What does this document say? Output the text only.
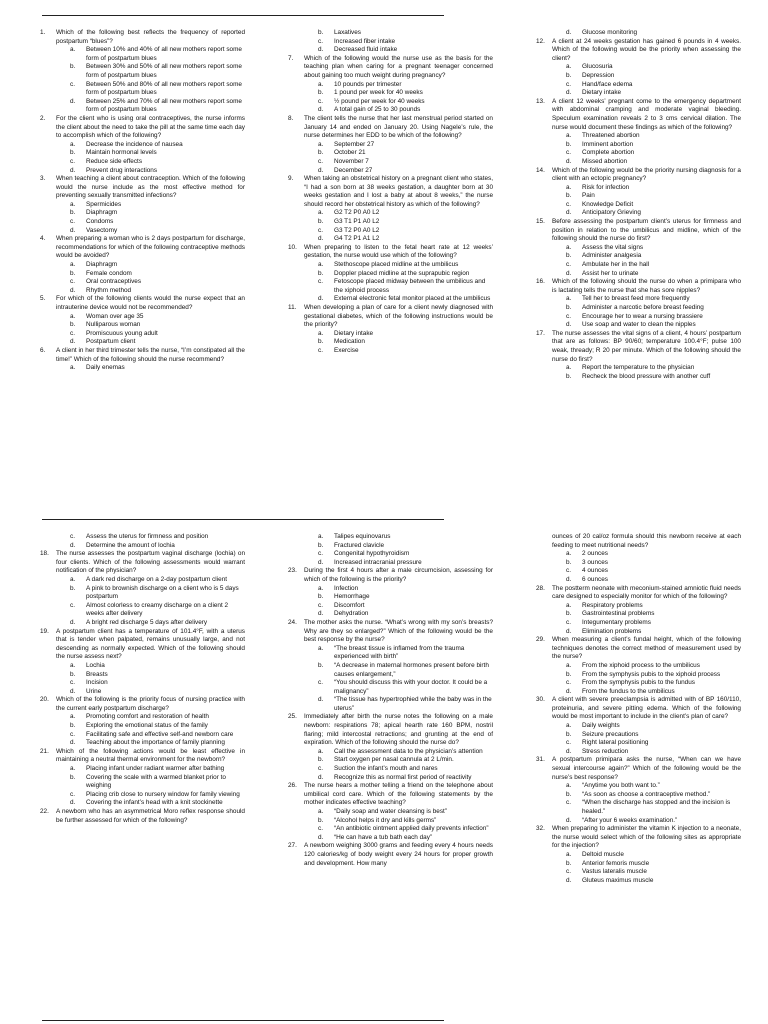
1.	Which of the following best reflects the frequency of reported postpartum “blues”?
a.	Between 10% and 40% of all new mothers report some form of postpartum blues
b.	Between 30% and 50% of all new mothers report some form of postpartum blues
c.	Between 50% and 80% of all new mothers report some form of postpartum blues
d.	Between 25% and 70% of all new mothers report some form of postpartum blues
2.	For the client who is using oral contraceptives, the nurse informs the client about the need to take the pill at the same time each day to accomplish which of the following?
a.	Decrease the incidence of nausea
b.	Maintain hormonal levels
c.	Reduce side effects
d.	Prevent drug interactions
3.	When teaching a client about contraception. Which of the following would the nurse include as the most effective method for preventing sexually transmitted infections?
a.	Spermicides
b.	Diaphragm
c.	Condoms
d.	Vasectomy
4.	When preparing a woman who is 2 days postpartum for discharge, recommendations for which of the following contraceptive methods would be avoided?
a.	Diaphragm
b.	Female condom
c.	Oral contraceptives
d.	Rhythm method
5.	For which of the following clients would the nurse expect that an intrauterine device would not be recommended?
a.	Woman over age 35
b.	Nulliparous woman
c.	Promiscuous young adult
d.	Postpartum client
6.	A client in her third trimester tells the nurse, “I’m constipated all the time!” Which of the following should the nurse recommend?
a.	Daily enemas
b.	Laxatives
c.	Increased fiber intake
d.	Decreased fluid intake
7.	Which of the following would the nurse use as the basis for the teaching plan when caring for a pregnant teenager concerned about gaining too much weight during pregnancy?
a.	10 pounds per trimester
b.	1 pound per week for 40 weeks
c.	½ pound per week for 40 weeks
d.	A total gain of 25 to 30 pounds
8.	The client tells the nurse that her last menstrual period started on January 14 and ended on January 20. Using Nagele’s rule, the nurse determines her EDD to be which of the following?
a.	September 27
b.	October 21
c.	November 7
d.	December 27
9.	When taking an obstetrical history on a pregnant client who states, “I had a son born at 38 weeks gestation, a daughter born at 30 weeks gestation and I lost a baby at about 8 weeks,” the nurse should record her obstetrical history as which of the following?
a.	G2 T2 P0 A0 L2
b.	G3 T1 P1 A0 L2
c.	G3 T2 P0 A0 L2
d.	G4 T2 P1 A1 L2
10.	When preparing to listen to the fetal heart rate at 12 weeks’ gestation, the nurse would use which of the following?
a.	Stethoscope placed midline at the umbilicus
b.	Doppler placed midline at the suprapubic region
c.	Fetoscope placed midway between the umbilicus and the xiphoid process
d.	External electronic fetal monitor placed at the umbilicus
11.	When developing a plan of care for a client newly diagnosed with gestational diabetes, which of the following instructions would be the priority?
a.	Dietary intake
b.	Medication
c.	Exercise
d.	Glucose monitoring
12.	A client at 24 weeks gestation has gained 6 pounds in 4 weeks. Which of the following would be the priority when assessing the client?
a.	Glucosuria
b.	Depression
c.	Hand/face edema
d.	Dietary intake
13.	A client 12 weeks’ pregnant come to the emergency department with abdominal cramping and moderate vaginal bleeding. Speculum examination reveals 2 to 3 cms cervical dilation. The nurse would document these findings as which of the following?
a.	Threatened abortion
b.	Imminent abortion
c.	Complete abortion
d.	Missed abortion
14.	Which of the following would be the priority nursing diagnosis for a client with an ectopic pregnancy?
a.	Risk for infection
b.	Pain
c.	Knowledge Deficit
d.	Anticipatory Grieving
15.	Before assessing the postpartum client’s uterus for firmness and position in relation to the umbilicus and midline, which of the following should the nurse do first?
a.	Assess the vital signs
b.	Administer analgesia
c.	Ambulate her in the hall
d.	Assist her to urinate
16.	Which of the following should the nurse do when a primipara who is lactating tells the nurse that she has sore nipples?
a.	Tell her to breast feed more frequently
b.	Administer a narcotic before breast feeding
c.	Encourage her to wear a nursing brassiere
d.	Use soap and water to clean the nipples
17.	The nurse assesses the vital signs of a client, 4 hours’ postpartum that are as follows: BP 90/60; temperature 100.4°F; pulse 100 weak, thready; R 20 per minute. Which of the following should the nurse do first?
a.	Report the temperature to the physician
b.	Recheck the blood pressure with another cuff
c.	Assess the uterus for firmness and position
d.	Determine the amount of lochia
18.	The nurse assesses the postpartum vaginal discharge (lochia) on four clients. Which of the following assessments would warrant notification of the physician?
a.	A dark red discharge on a 2-day postpartum client
b.	A pink to brownish discharge on a client who is 5 days postpartum
c.	Almost colorless to creamy discharge on a client 2 weeks after delivery
d.	A bright red discharge 5 days after delivery
19.	A postpartum client has a temperature of 101.4°F, with a uterus that is tender when palpated, remains unusually large, and not descending as normally expected. Which of the following should the nurse assess next?
a.	Lochia
b.	Breasts
c.	Incision
d.	Urine
20.	Which of the following is the priority focus of nursing practice with the current early postpartum discharge?
a.	Promoting comfort and restoration of health
b.	Exploring the emotional status of the family
c.	Facilitating safe and effective self-and newborn care
d.	Teaching about the importance of family planning
21.	Which of the following actions would be least effective in maintaining a neutral thermal environment for the newborn?
a.	Placing infant under radiant warmer after bathing
b.	Covering the scale with a warmed blanket prior to weighing
c.	Placing crib close to nursery window for family viewing
d.	Covering the infant’s head with a knit stockinette
22.	A newborn who has an asymmetrical Moro reflex response should be further assessed for which of the following?
a.	Talipes equinovarus
b.	Fractured clavicle
c.	Congenital hypothyroidism
d.	Increased intracranial pressure
23.	During the first 4 hours after a male circumcision, assessing for which of the following is the priority?
a.	Infection
b.	Hemorrhage
c.	Discomfort
d.	Dehydration
24.	The mother asks the nurse. “What’s wrong with my son’s breasts? Why are they so enlarged?” Which of the following would be the best response by the nurse?
a.	“The breast tissue is inflamed from the trauma experienced with birth”
b.	“A decrease in maternal hormones present before birth causes enlargement,”
c.	“You should discuss this with your doctor. It could be a malignancy”
d.	“The tissue has hypertrophied while the baby was in the uterus”
25.	Immediately after birth the nurse notes the following on a male newborn: respirations 78; apical hearth rate 160 BPM, nostril flaring; mild intercostal retractions; and grunting at the end of expiration. Which of the following should the nurse do?
a.	Call the assessment data to the physician’s attention
b.	Start oxygen per nasal cannula at 2 L/min.
c.	Suction the infant’s mouth and nares
d.	Recognize this as normal first period of reactivity
26.	The nurse hears a mother telling a friend on the telephone about umbilical cord care. Which of the following statements by the mother indicates effective teaching?
a.	“Daily soap and water cleansing is best”
b.	“Alcohol helps it dry and kills germs”
c.	“An antibiotic ointment applied daily prevents infection”
d.	“He can have a tub bath each day”
27.	A newborn weighing 3000 grams and feeding every 4 hours needs 120 calories/kg of body weight every 24 hours for proper growth and development. How many
ounces of 20 cal/oz formula should this newborn receive at each feeding to meet nutritional needs?
a.	2 ounces
b.	3 ounces
c.	4 ounces
d.	6 ounces
28.	The postterm neonate with meconium-stained amniotic fluid needs care designed to especially monitor for which of the following?
a.	Respiratory problems
b.	Gastrointestinal problems
c.	Integumentary problems
d.	Elimination problems
29.	When measuring a client’s fundal height, which of the following techniques denotes the correct method of measurement used by the nurse?
a.	From the xiphoid process to the umbilicus
b.	From the symphysis pubis to the xiphoid process
c.	From the symphysis pubis to the fundus
d.	From the fundus to the umbilicus
30.	A client with severe preeclampsia is admitted with of BP 160/110, proteinuria, and severe pitting edema. Which of the following would be most important to include in the client’s plan of care?
a.	Daily weights
b.	Seizure precautions
c.	Right lateral positioning
d.	Stress reduction
31.	A postpartum primipara asks the nurse, “When can we have sexual intercourse again?” Which of the following would be the nurse’s best response?
a.	“Anytime you both want to.”
b.	“As soon as choose a contraceptive method.”
c.	“When the discharge has stopped and the incision is healed.”
d.	“After your 6 weeks examination.”
32.	When preparing to administer the vitamin K injection to a neonate, the nurse would select which of the following sites as appropriate for the injection?
a.	Deltoid muscle
b.	Anterior femoris muscle
c.	Vastus lateralis muscle
d.	Gluteus maximus muscle
